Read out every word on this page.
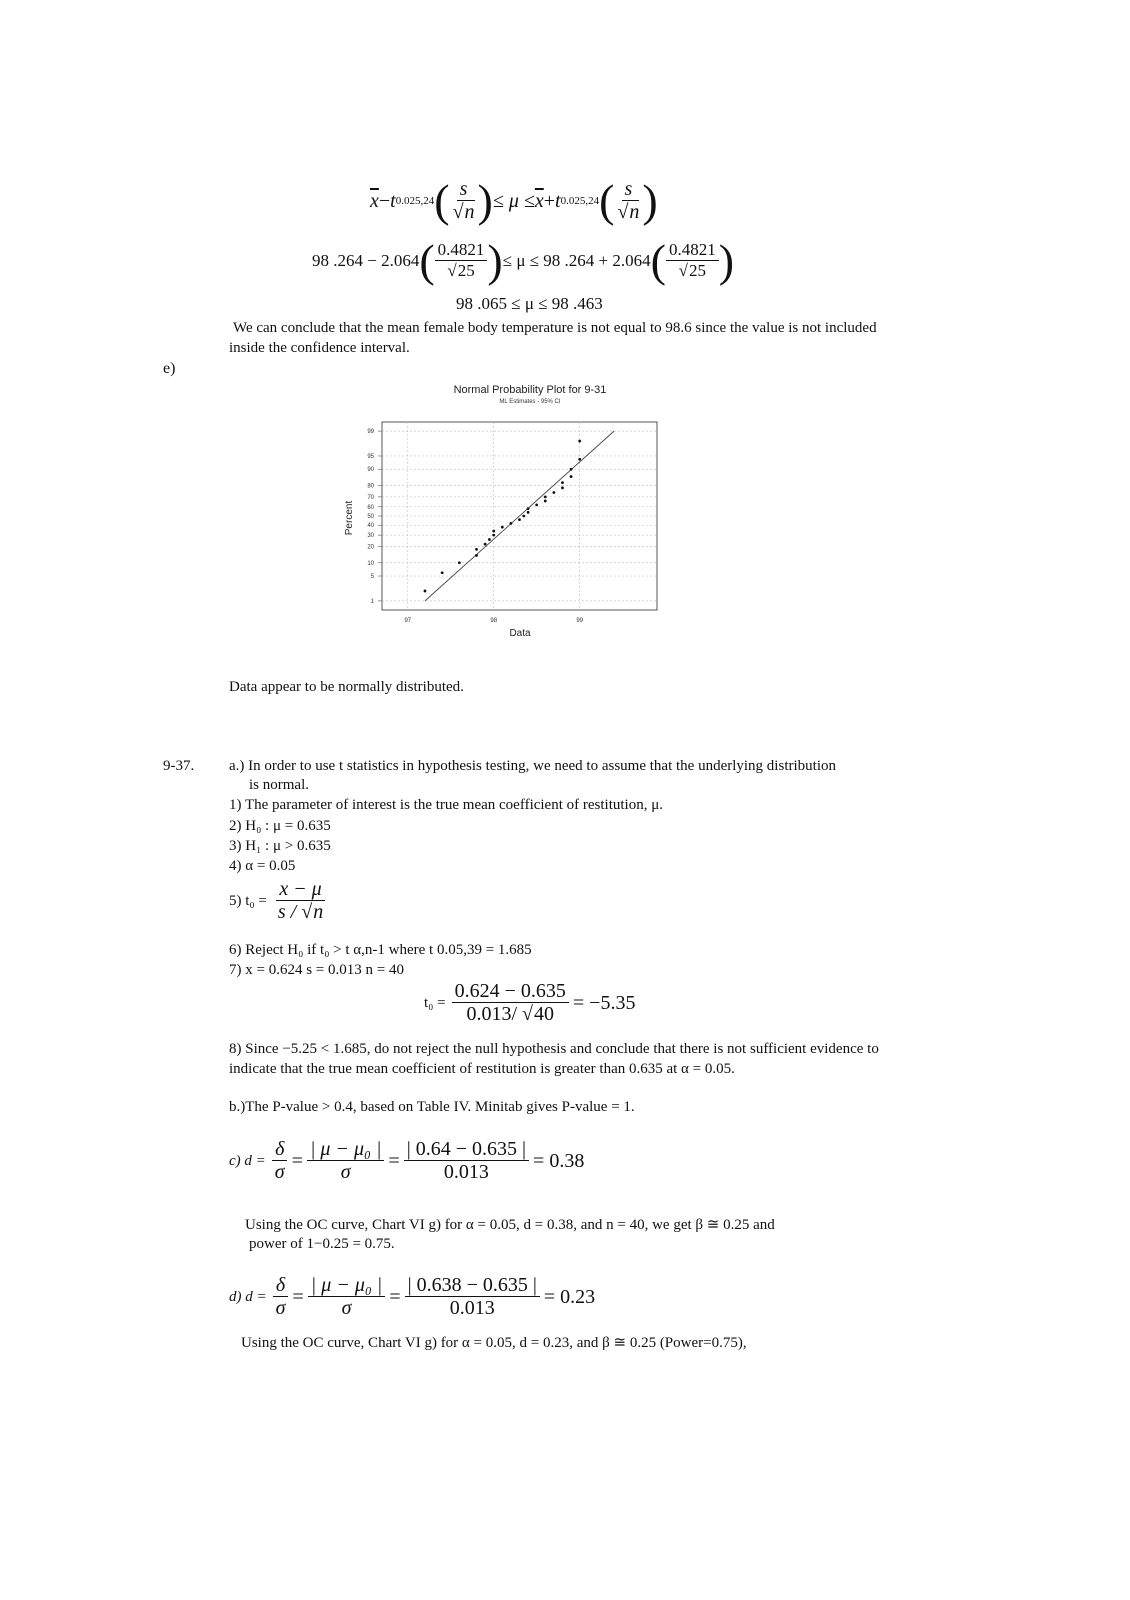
$\overline{x} - t$ 0.025,24 ( $\frac{s}{√n}$ ) ≤ $\mu \le \overline{x} + t$ 0.025,24 ( $\frac{s}{√n}$ )
98 .264 − 2.064 ( $\frac{0.4821}{√25}$ ) ≤ μ ≤ 98 .264 + 2.064 ( $\frac{0.4821}{√25}$ )
98 .065 ≤ μ ≤ 98 .463
We can conclude that the mean female body temperature is not equal to 98.6 since the value is not included
inside the confidence interval.
e)
Normal Probability Plot for 9-31
ML Estimates - 95% CI
1
5
10
20
30
40
50
60
70
80
90
95
99
97	98	99
Data
Percent
Data appear to be normally distributed.
9-37. a.) In order to use t statistics in hypothesis testing, we need to assume that the underlying distribution
is normal.
1) The parameter of interest is the true mean coefficient of restitution, μ.
2) H₀ : μ = 0.635
3) H₁ : μ > 0.635
4) α = 0.05
5) $t_0 = \frac{x - \mu}{s / √n}$
6) Reject H₀ if t₀ > t α,n-1 where t 0.05,39 = 1.685
7) x = 0.624 s = 0.013 n = 40
$t_0 = \frac{0.624 - 0.635}{0.013/ √40} = -5.35$
8) Since −5.25 < 1.685, do not reject the null hypothesis and conclude that there is not sufficient evidence to
indicate that the true mean coefficient of restitution is greater than 0.635 at α = 0.05.
b.)The P-value > 0.4, based on Table IV. Minitab gives P-value = 1.
c) $d = \frac{\delta}{\sigma} = \frac{\text{| μ − μ₀ |}}{\sigma} = \frac{| 0.64 - 0.635 |}{0.013} = 0.38$
Using the OC curve, Chart VI g) for α = 0.05, d = 0.38, and n = 40, we get β ≅ 0.25 and
power of 1−0.25 = 0.75.
d) $d = \frac{\delta}{\sigma} = \frac{\text{| μ − μ₀ |}}{\sigma} = \frac{| 0.638 - 0.635 |}{0.013} = 0.23$
Using the OC curve, Chart VI g) for α = 0.05, d = 0.23, and β ≅ 0.25 (Power=0.75),
